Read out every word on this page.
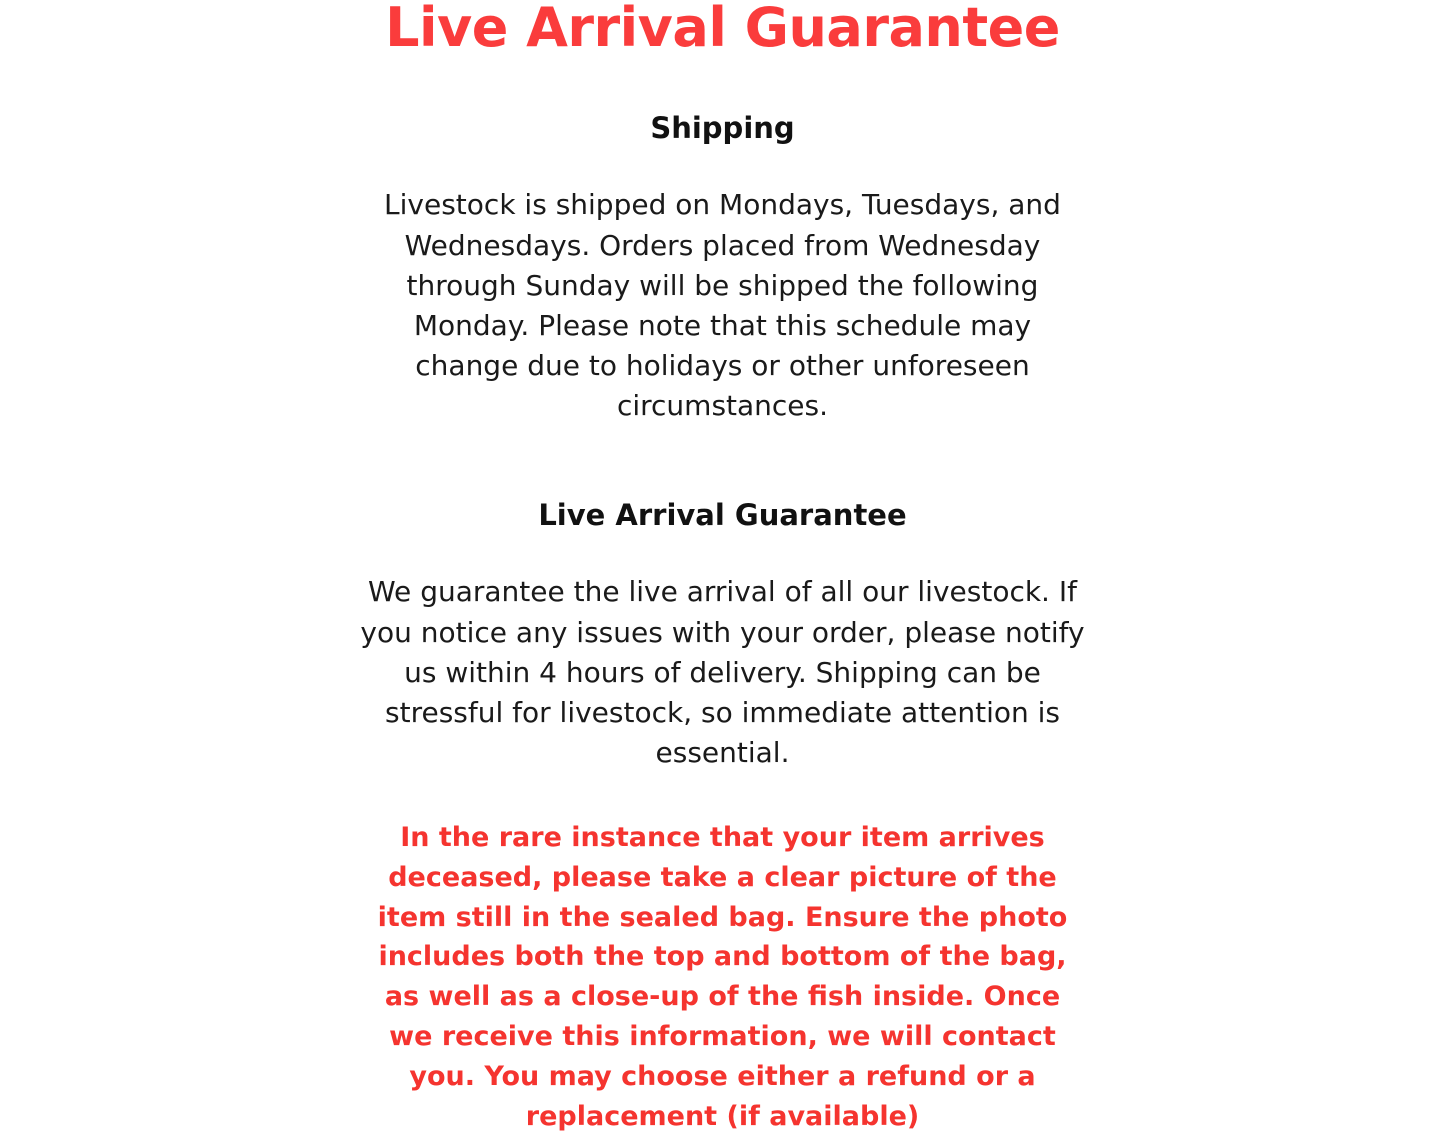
Live Arrival Guarantee
Shipping

Livestock is shipped on Mondays, Tuesdays, and Wednesdays. Orders placed from Wednesday through Sunday will be shipped the following Monday. Please note that this schedule may change due to holidays or other unforeseen circumstances.

Live Arrival Guarantee

We guarantee the live arrival of all our livestock. If you notice any issues with your order, please notify us within 4 hours of delivery. Shipping can be stressful for livestock, so immediate attention is essential.

In the rare instance that your item arrives deceased, please take a clear picture of the item still in the sealed bag. Ensure the photo includes both the top and bottom of the bag, as well as a close-up of the fish inside. Once we receive this information, we will contact you. You may choose either a refund or a replacement (if available)
